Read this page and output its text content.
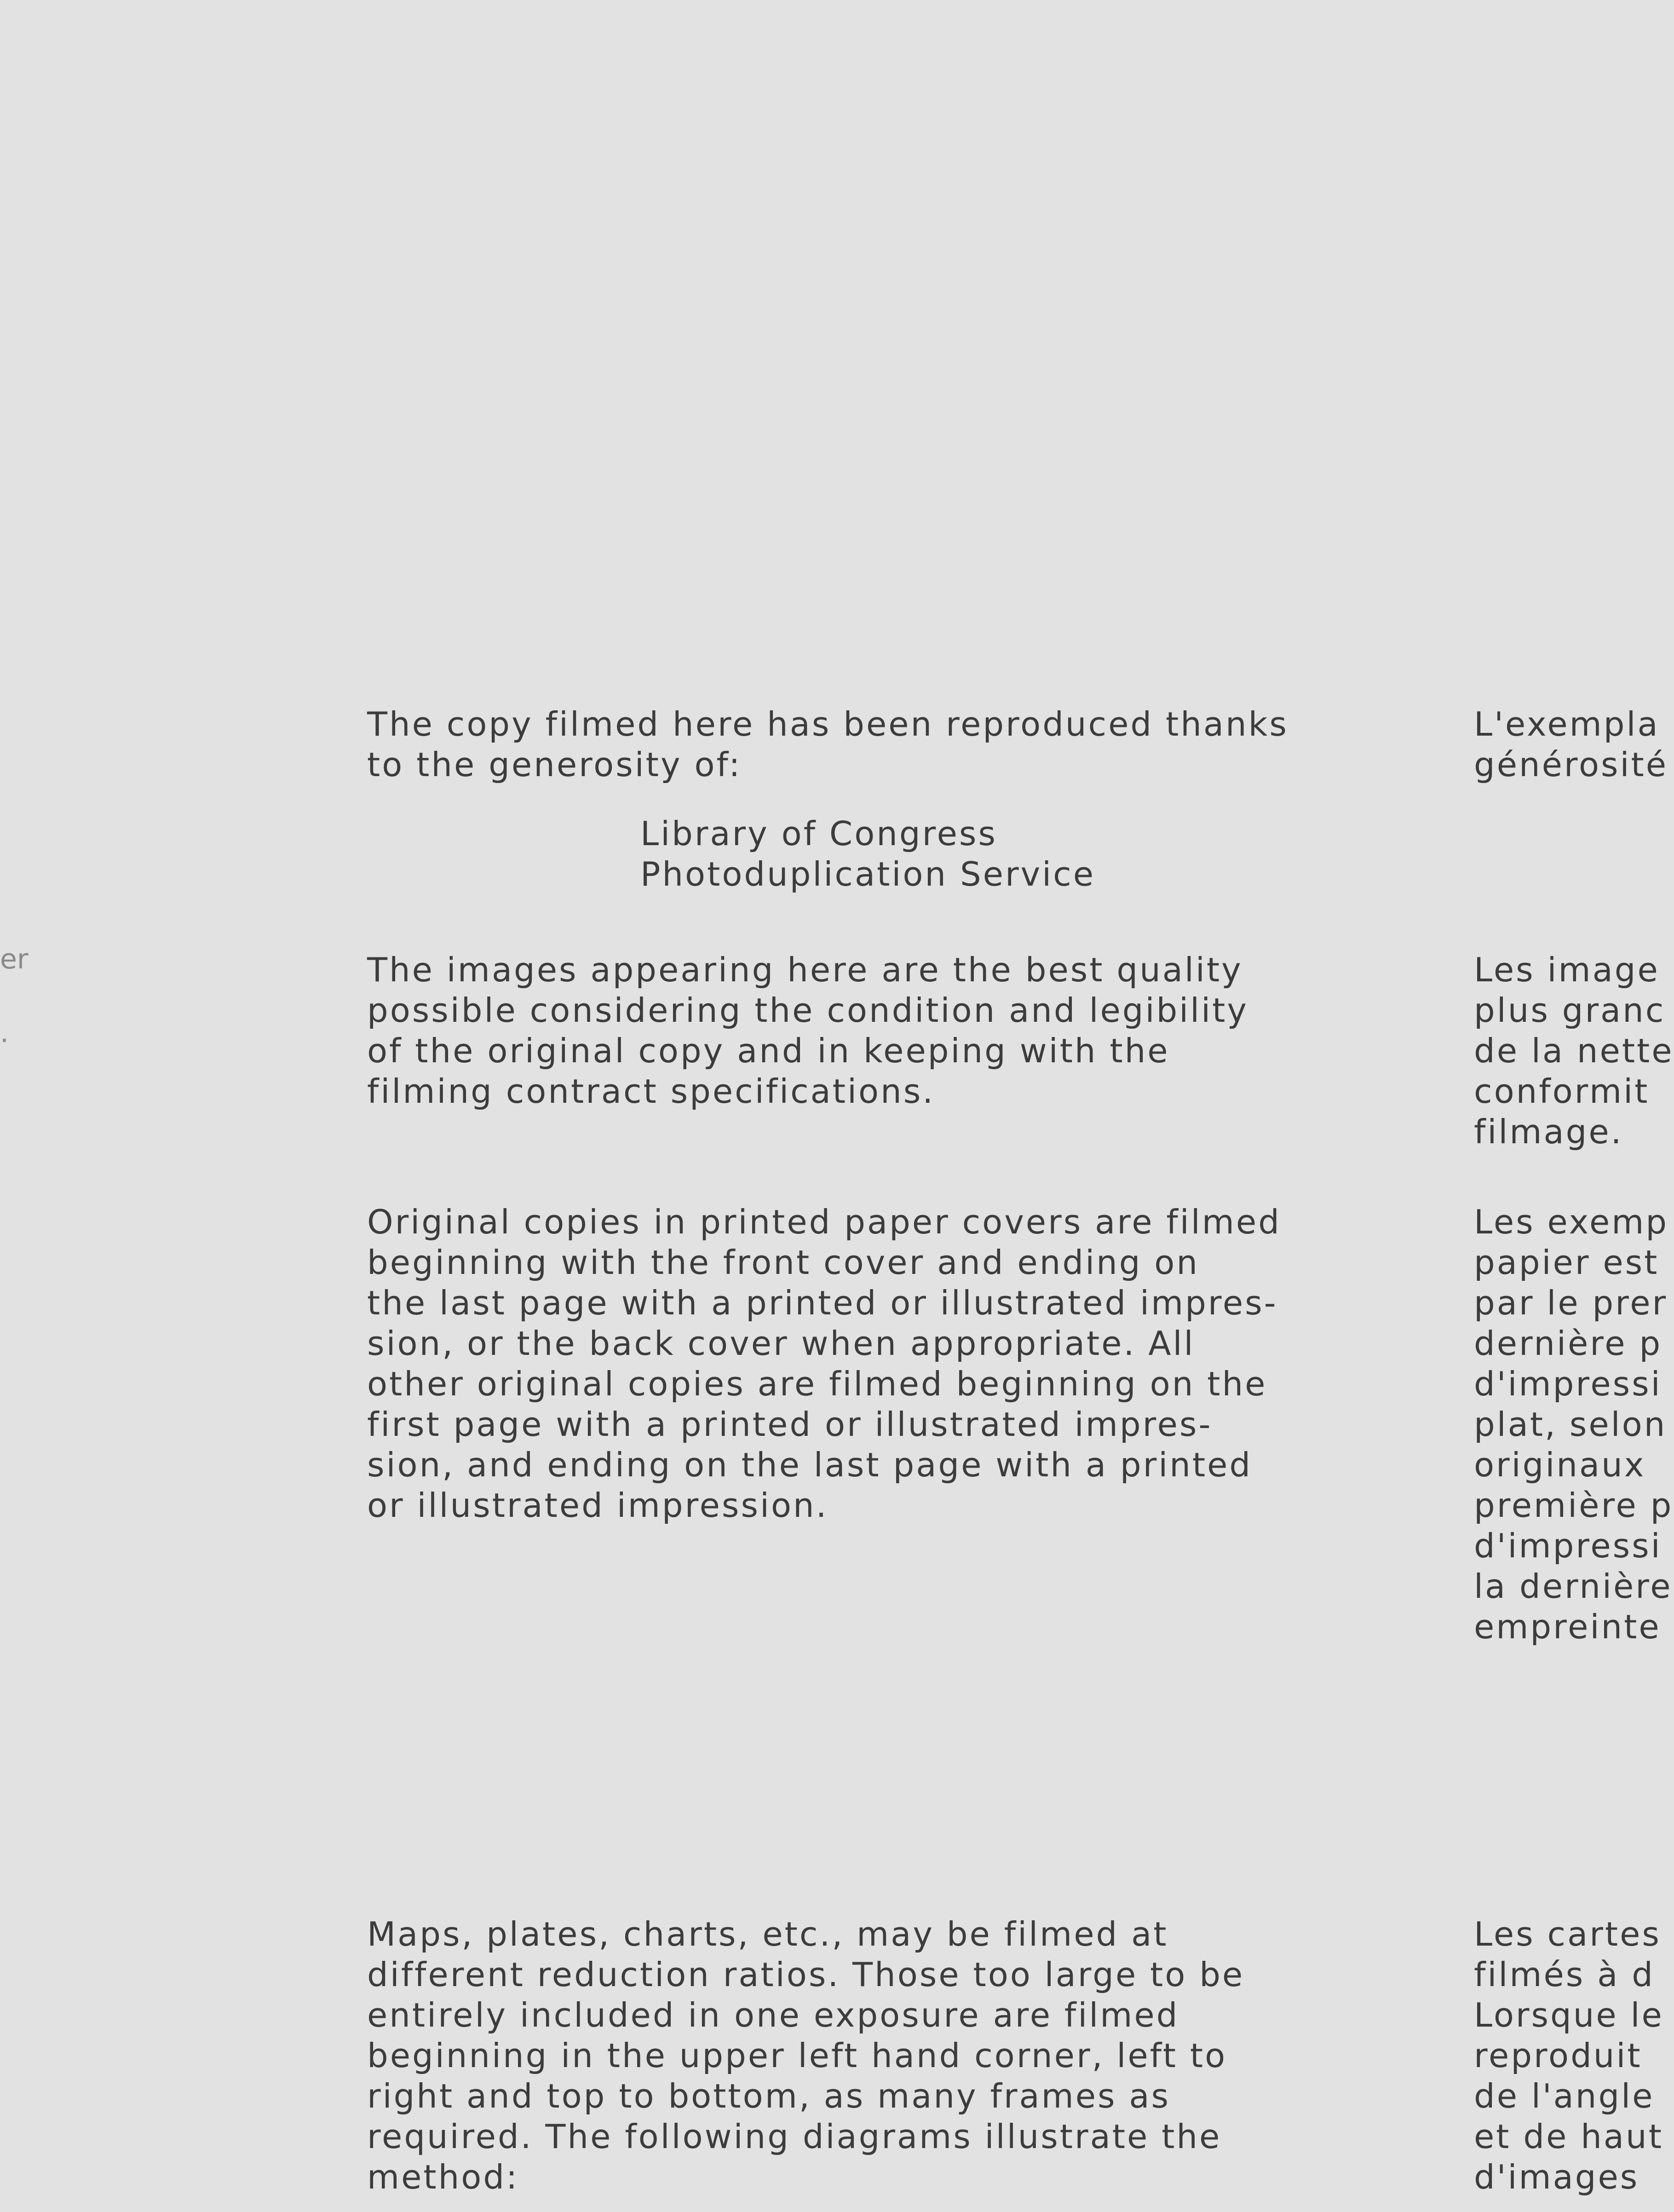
er

.

The copy filmed here has been reproduced thanks
to the generosity of:

Library of Congress
Photoduplication Service

The images appearing here are the best quality
possible considering the condition and legibility
of the original copy and in keeping with the
filming contract specifications.

Original copies in printed paper covers are filmed
beginning with the front cover and ending on
the last page with a printed or illustrated impres-
sion, or the back cover when appropriate. All
other original copies are filmed beginning on the
first page with a printed or illustrated impres-
sion, and ending on the last page with a printed
or illustrated impression.

Maps, plates, charts, etc., may be filmed at
different reduction ratios. Those too large to be
entirely included in one exposure are filmed
beginning in the upper left hand corner, left to
right and top to bottom, as many frames as
required. The following diagrams illustrate the
method:

L'exempla
générosité

Les image
plus granc
de la nette
conformit
filmage.

Les exemp
papier est
par le prer
dernière p
d'impressi
plat, selon
originaux
première p
d'impressi
la dernière
empreinte

Les cartes
filmés à d
Lorsque le
reproduit
de l'angle
et de haut
d'images
